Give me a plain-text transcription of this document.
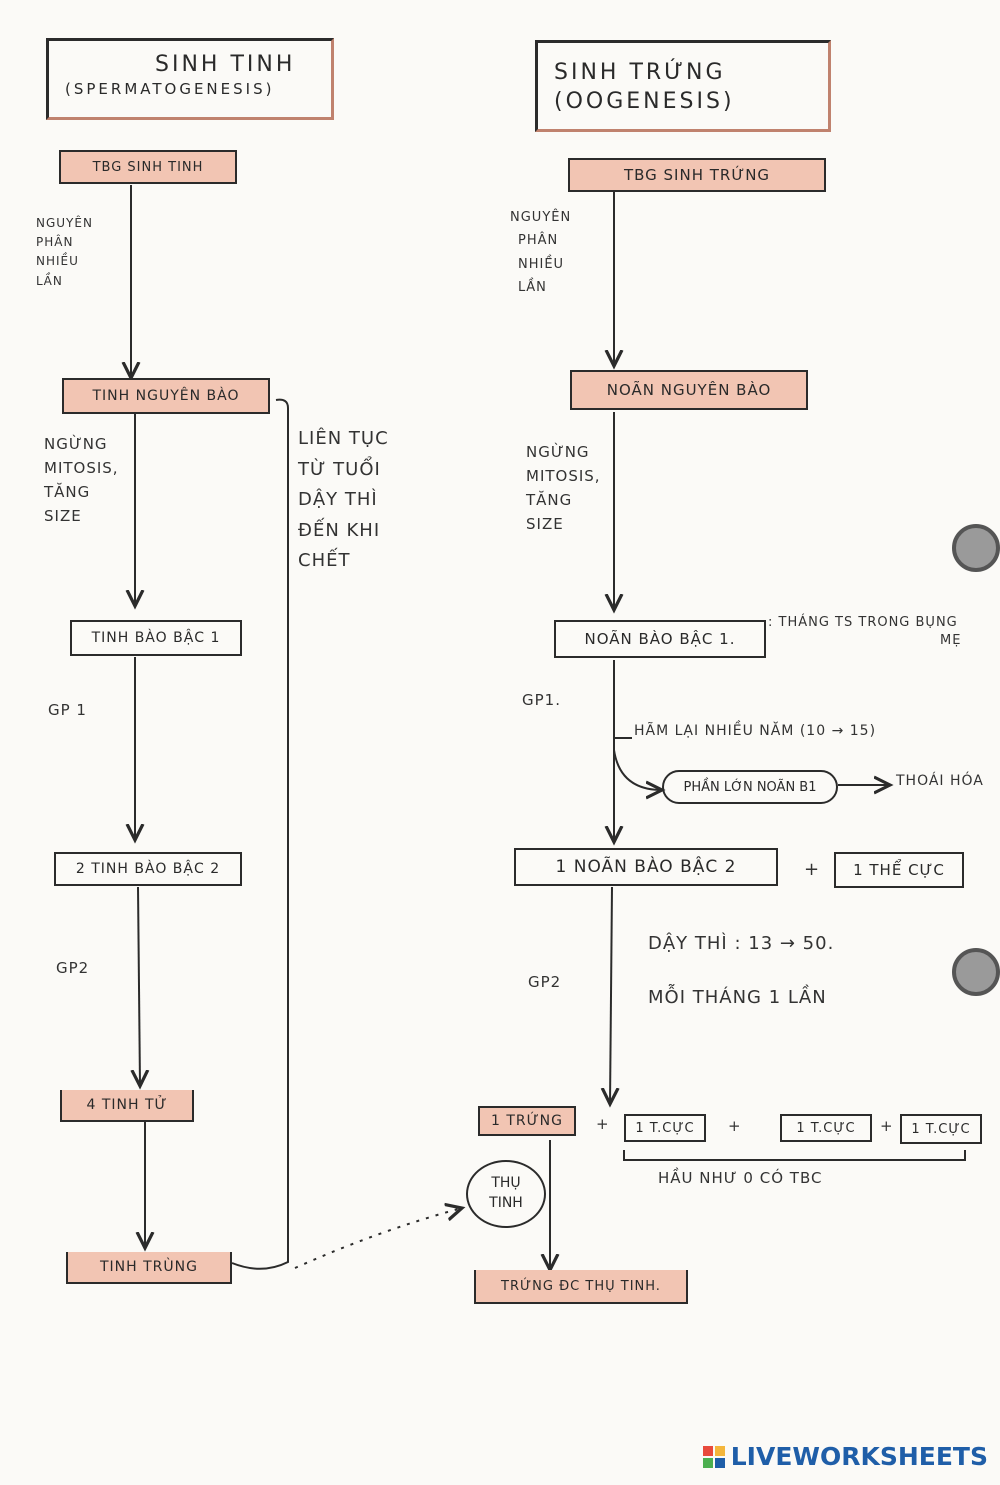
SINH TINH
(SPERMATOGENESIS)
TBG SINH TINH
NGUYÊN
PHÂN
NHIỀU
LẦN
TINH NGUYÊN BÀO
NGỪNG
MITOSIS,
TĂNG
SIZE
LIÊN TỤC
TỪ TUỔI
DẬY THÌ
ĐẾN KHI
CHẾT
TINH BÀO BẬC 1
GP 1
2 TINH BÀO BẬC 2
GP2
4 TINH TỬ
TINH TRÙNG
SINH TRỨNG
(OOGENESIS)
TBG SINH TRỨNG
NGUYÊN
PHÂN
NHIỀU
LẦN
NOÃN NGUYÊN BÀO
NGỪNG
MITOSIS,
TĂNG
SIZE
NOÃN BÀO BẬC 1.
: THÁNG TS TRONG BỤNG
MẸ
GP1.
HÃM LẠI NHIỀU NĂM (10 → 15)
PHẦN LỚN NOÃN B1	THOÁI HÓA
1 NOÃN BÀO BẬC 2	+	1 THỂ CỰC
DẬY THÌ : 13 → 50.
GP2
MỖI THÁNG 1 LẦN
1 TRỨNG	+	1 T.CỰC	+	1 T.CỰC	+	1 T.CỰC
HẦU NHƯ 0 CÓ TBC
THỤ
TINH
TRỨNG ĐC THỤ TINH.
LIVEWORKSHEETS
